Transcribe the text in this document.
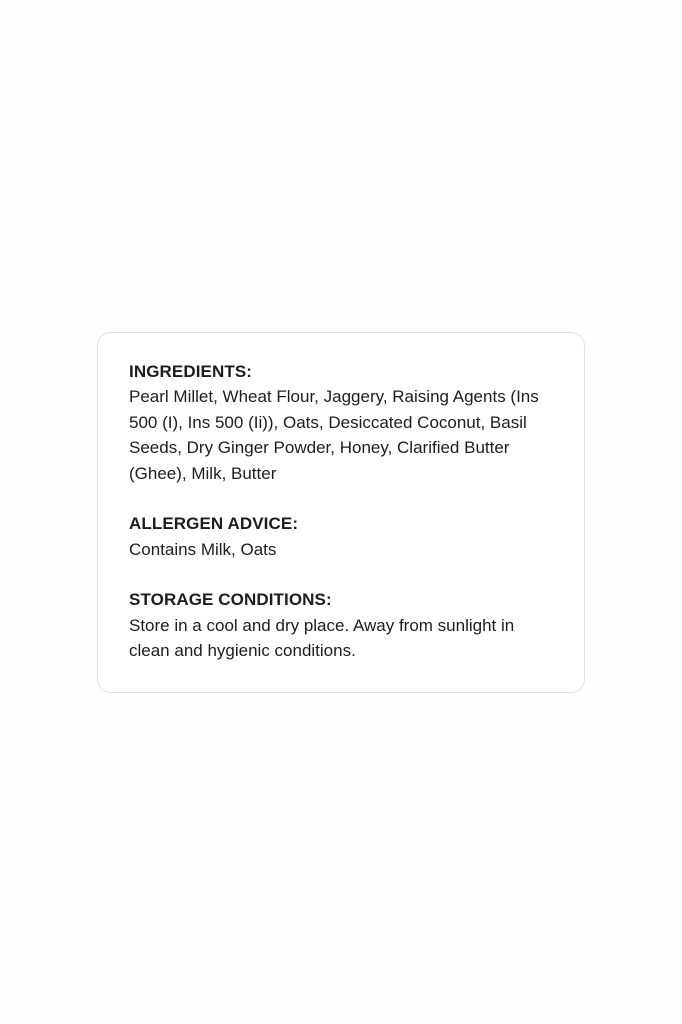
INGREDIENTS:

Pearl Millet, Wheat Flour, Jaggery, Raising Agents (Ins 500 (I), Ins 500 (Ii)), Oats, Desiccated Coconut, Basil Seeds, Dry Ginger Powder, Honey, Clarified Butter (Ghee), Milk, Butter

ALLERGEN ADVICE:

Contains Milk, Oats

STORAGE CONDITIONS:

Store in a cool and dry place. Away from sunlight in clean and hygienic conditions.
